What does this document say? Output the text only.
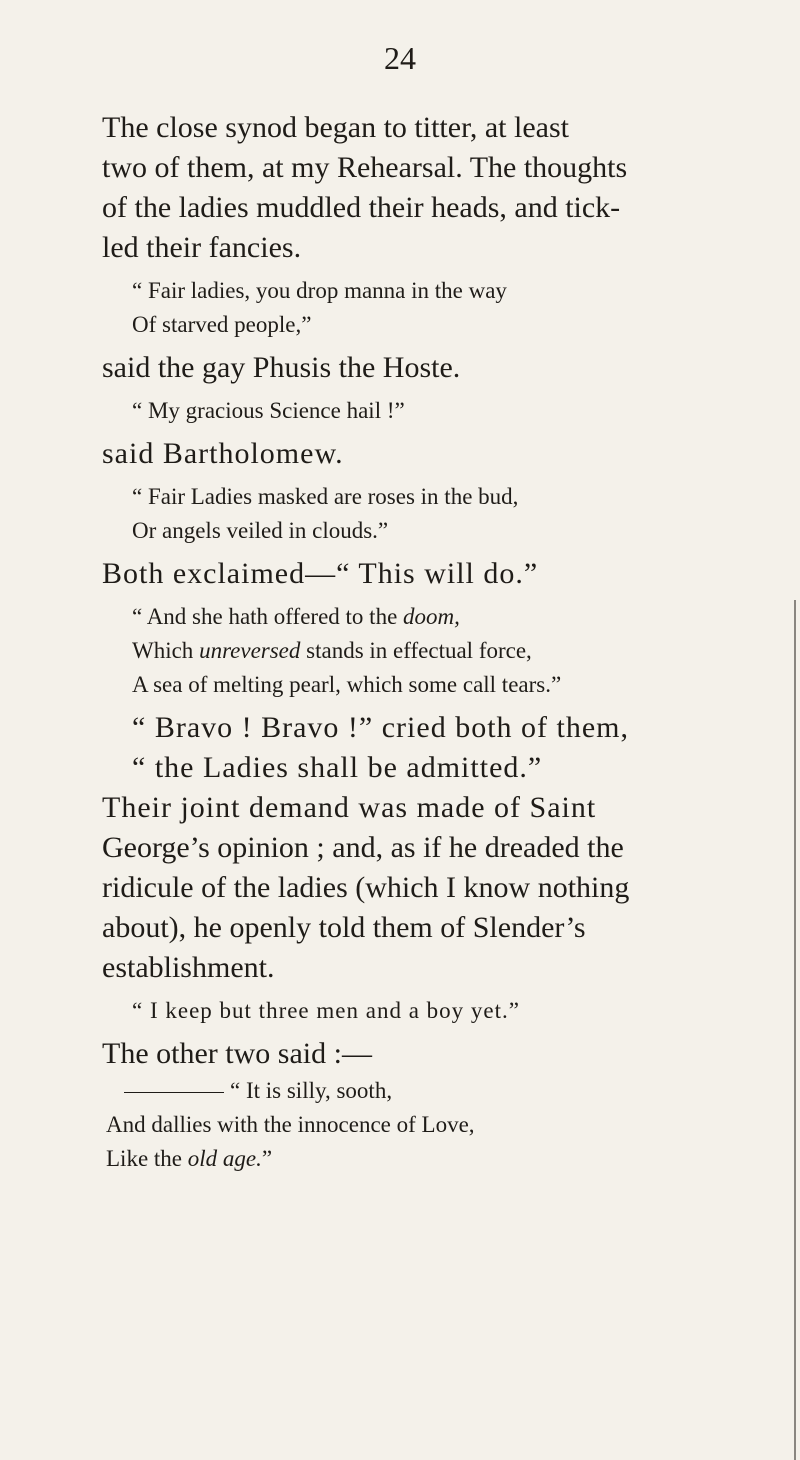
24

The close synod began to titter, at least

two of them, at my Rehearsal. The thoughts

of the ladies muddled their heads, and tick-

led their fancies.

“ Fair ladies, you drop manna in the way

Of starved people,”

said the gay Phusis the Hoste.

“ My gracious Science hail !”

said Bartholomew.

“ Fair Ladies masked are roses in the bud,

Or angels veiled in clouds.”

Both exclaimed—“ This will do.”

“ And she hath offered to the doom,

Which unreversed stands in effectual force,

A sea of melting pearl, which some call tears.”

“ Bravo ! Bravo !” cried both of them,

“ the Ladies shall be admitted.”

Their joint demand was made of Saint

George’s opinion ; and, as if he dreaded the

ridicule of the ladies (which I know nothing

about), he openly told them of Slender’s

establishment.

“ I keep but three men and a boy yet.”

The other two said :—

“ It is silly, sooth,

And dallies with the innocence of Love,

Like the old age.”
